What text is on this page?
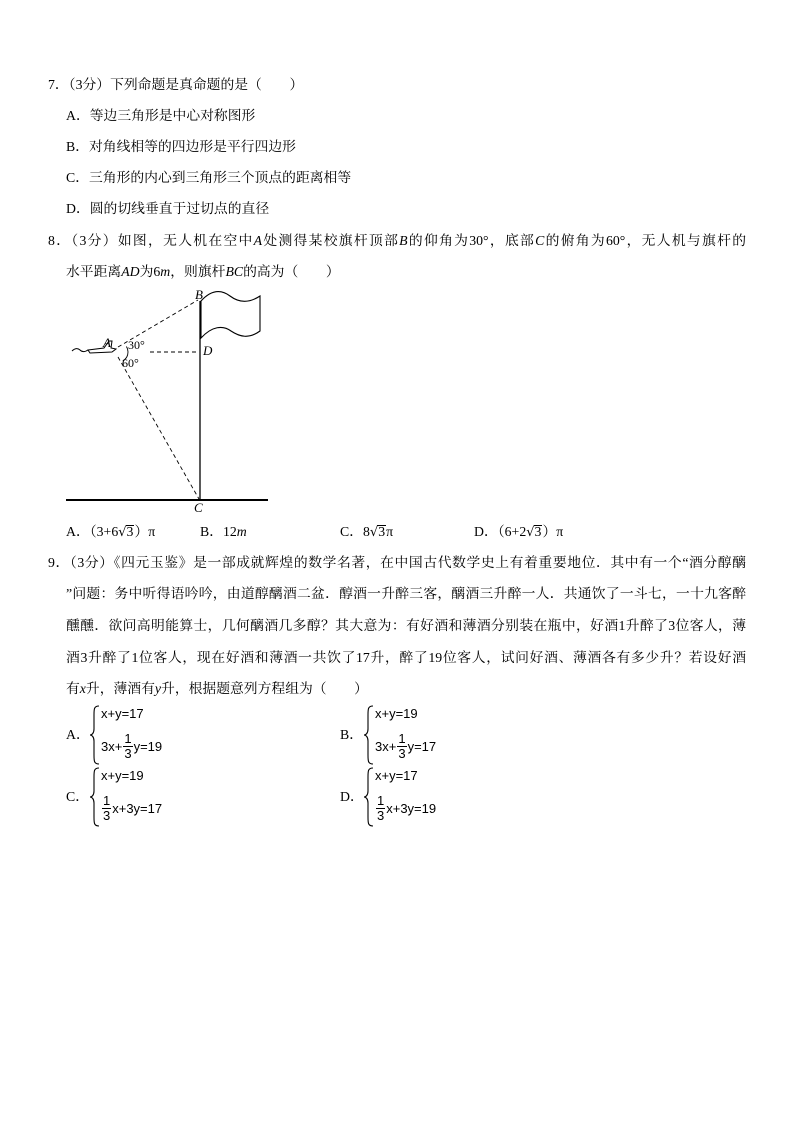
7．（3分）下列命题是真命题的是（　　）
A．等边三角形是中心对称图形
B．对角线相等的四边形是平行四边形
C．三角形的内心到三角形三个顶点的距离相等
D．圆的切线垂直于过切点的直径
8．（3分）如图，无人机在空中A处测得某校旗杆顶部B的仰角为30°，底部C的俯角为60°，无人机与旗杆的
水平距离AD为6m，则旗杆BC的高为（　　）
B
D
A
C
30°
60°
A．（3+6√3）π	B．12m	C．8√3π	D．（6+2√3）π
9．（3分）《四元玉鉴》是一部成就辉煌的数学名著，在中国古代数学史上有着重要地位．其中有一个“酒分醇醨
”问题：务中听得语吟吟，由道醇醨酒二盆．醇酒一升醉三客，醨酒三升醉一人．共通饮了一斗七，一十九客醉
醺醺．欲问高明能算士，几何醨酒几多醇？其大意为：有好酒和薄酒分别装在瓶中，好酒1升醉了3位客人，薄
酒3升醉了1位客人，现在好酒和薄酒一共饮了17升，醉了19位客人，试问好酒、薄酒各有多少升？若设好酒
有x升，薄酒有y升，根据题意列方程组为（　　）
A．
x+y=17
$3x+ \frac{1}{3} y=19$
B．
x+y=19
$3x+ \frac{1}{3} y=17$
C．
x+y=19
$\frac{1}{3} x+3y=17$
D．
x+y=17
$\frac{1}{3} x+3y=19$
